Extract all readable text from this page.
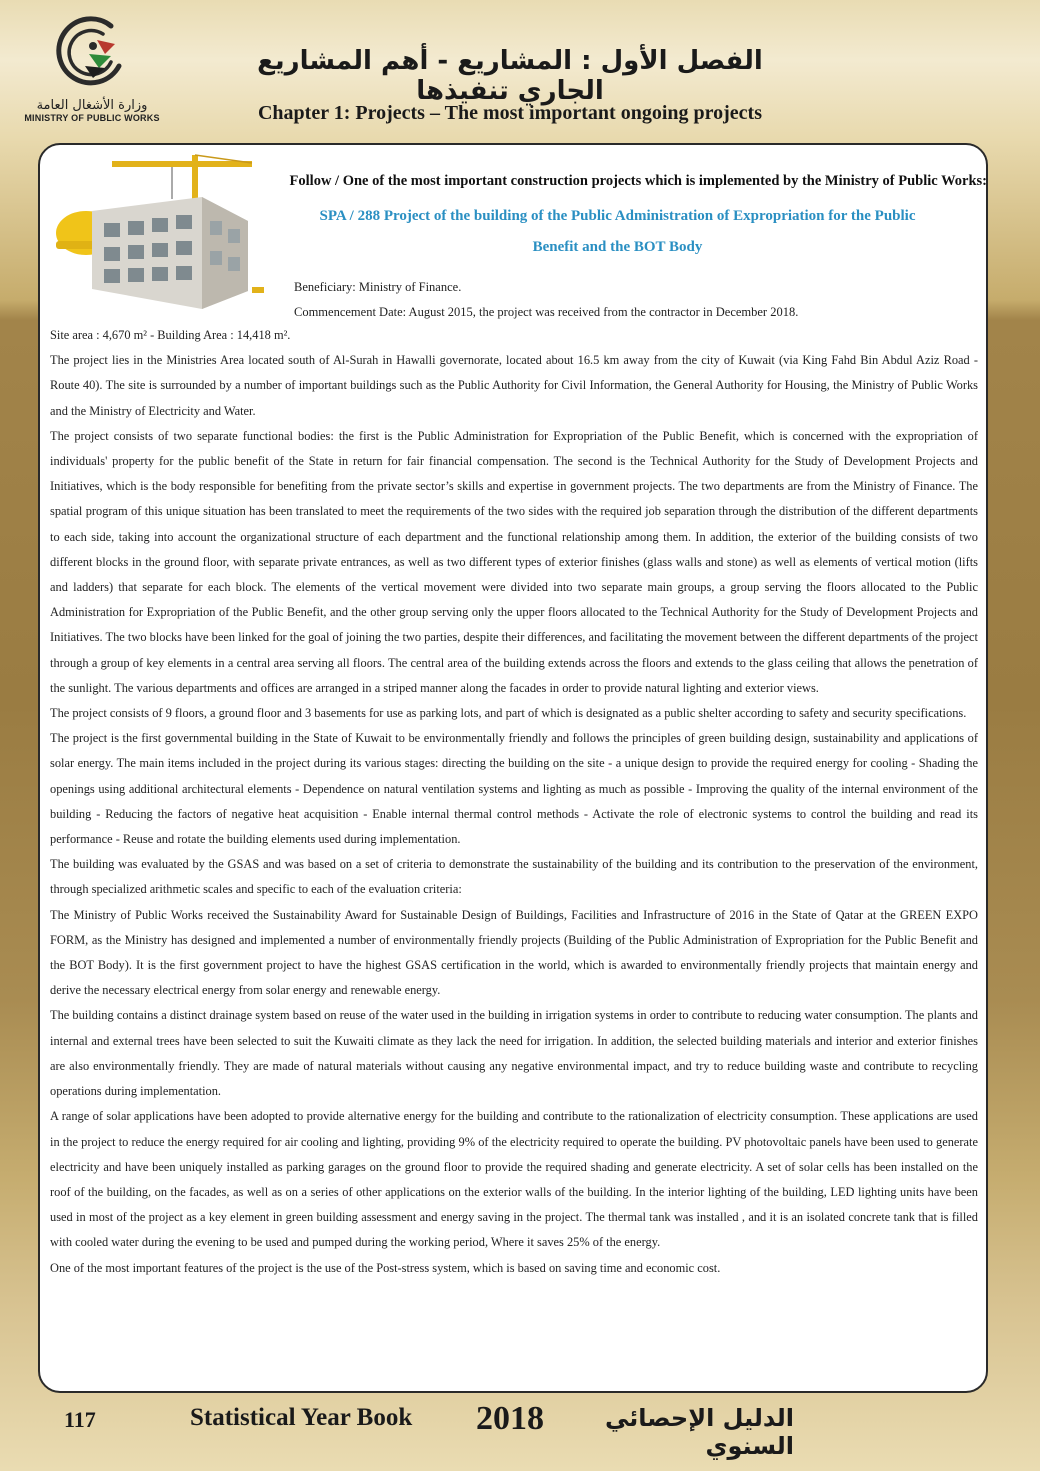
وزارة الأشغال العامة
MINISTRY OF PUBLIC WORKS
الفصل الأول : المشاريع - أهم المشاريع الجاري تنفيذها
Chapter 1: Projects – The most important ongoing projects
Follow / One of the most important construction projects which is implemented by the Ministry of Public Works:
SPA / 288 Project of the building of the Public Administration of Expropriation for the Public
Benefit and the BOT Body
Beneficiary: Ministry of Finance.
Commencement Date: August 2015, the project was received from the contractor in December 2018.

Site area : 4,670 m² - Building Area : 14,418 m².

The project lies in the Ministries Area located south of Al-Surah in Hawalli governorate, located about 16.5 km away from the city of Kuwait (via King Fahd Bin Abdul Aziz Road - Route 40). The site is surrounded by a number of important buildings such as the Public Authority for Civil Information, the General Authority for Housing, the Ministry of Public Works and the Ministry of Electricity and Water.

The project consists of two separate functional bodies: the first is the Public Administration for Expropriation of the Public Benefit, which is concerned with the expropriation of individuals' property for the public benefit of the State in return for fair financial compensation. The second is the Technical Authority for the Study of Development Projects and Initiatives, which is the body responsible for benefiting from the private sector’s skills and expertise in government projects. The two departments are from the Ministry of Finance. The spatial program of this unique situation has been translated to meet the requirements of the two sides with the required job separation through the distribution of the different departments to each side, taking into account the organizational structure of each department and the functional relationship among them. In addition, the exterior of the building consists of two different blocks in the ground floor, with separate private entrances, as well as two different types of exterior finishes (glass walls and stone) as well as elements of vertical motion (lifts and ladders) that separate for each block. The elements of the vertical movement were divided into two separate main groups, a group serving the floors allocated to the Public Administration for Expropriation of the Public Benefit, and the other group serving only the upper floors allocated to the Technical Authority for the Study of Development Projects and Initiatives. The two blocks have been linked for the goal of joining the two parties, despite their differences, and facilitating the movement between the different departments of the project through a group of key elements in a central area serving all floors. The central area of the building extends across the floors and extends to the glass ceiling that allows the penetration of the sunlight. The various departments and offices are arranged in a striped manner along the facades in order to provide natural lighting and exterior views.

The project consists of 9 floors, a ground floor and 3 basements for use as parking lots, and part of which is designated as a public shelter according to safety and security specifications.

The project is the first governmental building in the State of Kuwait to be environmentally friendly and follows the principles of green building design, sustainability and applications of solar energy. The main items included in the project during its various stages: directing the building on the site - a unique design to provide the required energy for cooling - Shading the openings using additional architectural elements - Dependence on natural ventilation systems and lighting as much as possible - Improving the quality of the internal environment of the building - Reducing the factors of negative heat acquisition - Enable internal thermal control methods - Activate the role of electronic systems to control the building and read its performance - Reuse and rotate the building elements used during implementation.

The building was evaluated by the GSAS and was based on a set of criteria to demonstrate the sustainability of the building and its contribution to the preservation of the environment, through specialized arithmetic scales and specific to each of the evaluation criteria:

The Ministry of Public Works received the Sustainability Award for Sustainable Design of Buildings, Facilities and Infrastructure of 2016 in the State of Qatar at the GREEN EXPO FORM, as the Ministry has designed and implemented a number of environmentally friendly projects (Building of the Public Administration of Expropriation for the Public Benefit and the BOT Body). It is the first government project to have the highest GSAS certification in the world, which is awarded to environmentally friendly projects that maintain energy and derive the necessary electrical energy from solar energy and renewable energy.

The building contains a distinct drainage system based on reuse of the water used in the building in irrigation systems in order to contribute to reducing water consumption. The plants and internal and external trees have been selected to suit the Kuwaiti climate as they lack the need for irrigation. In addition, the selected building materials and interior and exterior finishes are also environmentally friendly. They are made of natural materials without causing any negative environmental impact, and try to reduce building waste and contribute to recycling operations during implementation.

A range of solar applications have been adopted to provide alternative energy for the building and contribute to the rationalization of electricity consumption. These applications are used in the project to reduce the energy required for air cooling and lighting, providing 9% of the electricity required to operate the building. PV photovoltaic panels have been used to generate electricity and have been uniquely installed as parking garages on the ground floor to provide the required shading and generate electricity. A set of solar cells has been installed on the roof of the building, on the facades, as well as on a series of other applications on the exterior walls of the building. In the interior lighting of the building, LED lighting units have been used in most of the project as a key element in green building assessment and energy saving in the project. The thermal tank was installed , and it is an isolated concrete tank that is filled with cooled water during the evening to be used and pumped during the working period, Where it saves 25% of the energy.

One of the most important features of the project is the use of the Post-stress system, which is based on saving time and economic cost.

117	Statistical Year Book 2018	الدليل الإحصائي السنوي
